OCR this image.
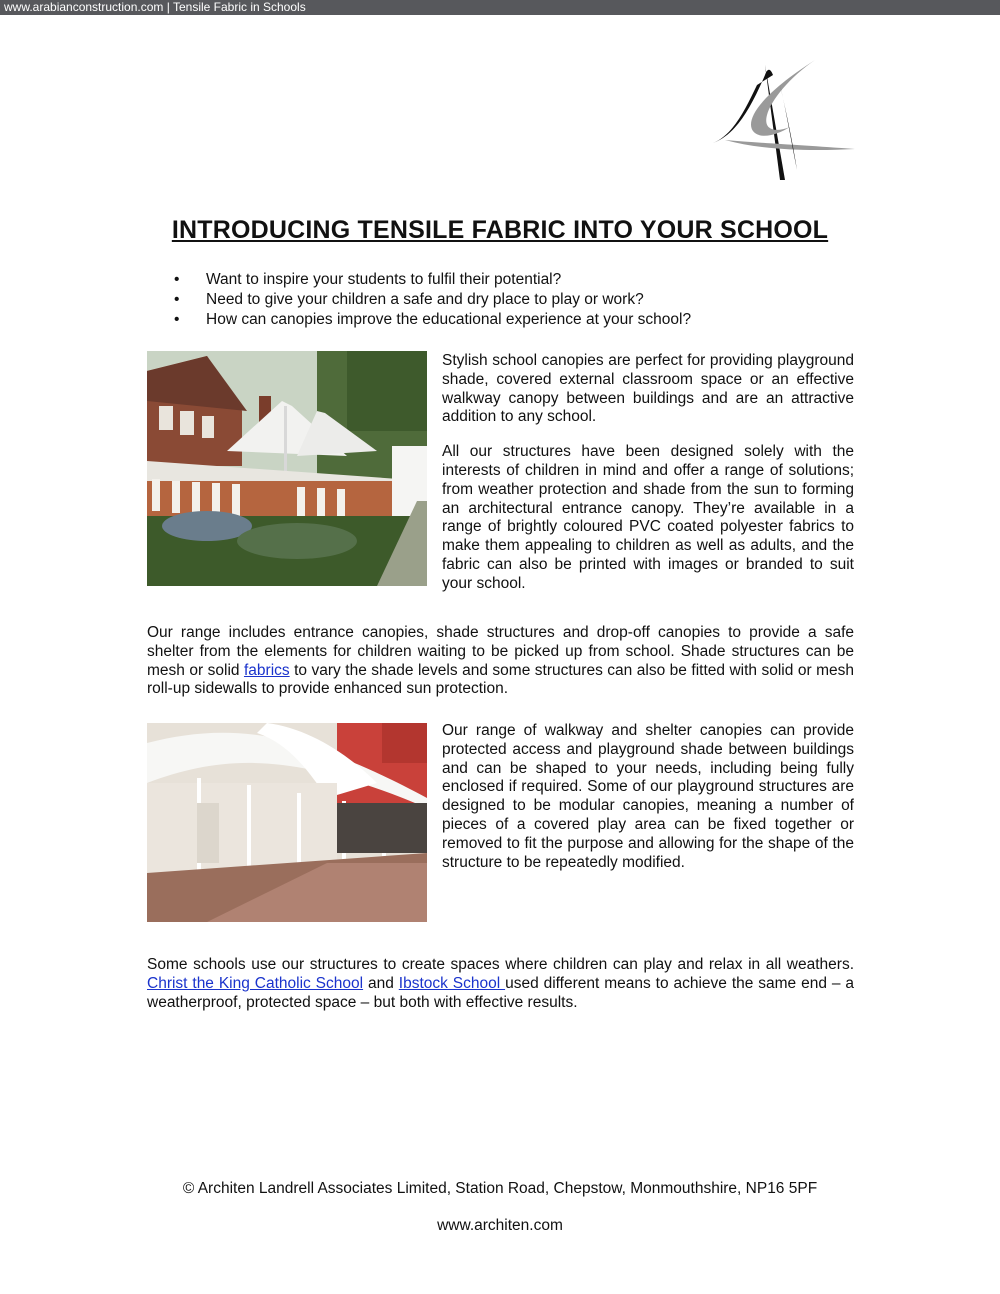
www.arabianconstruction.com | Tensile Fabric in Schools
INTRODUCING TENSILE FABRIC INTO YOUR SCHOOL
• Want to inspire your students to fulfil their potential?
• Need to give your children a safe and dry place to play or work?
• How can canopies improve the educational experience at your school?

Stylish school canopies are perfect for providing playground shade, covered external classroom space or an effective walkway canopy between buildings and are an attractive addition to any school.

All our structures have been designed solely with the interests of children in mind and offer a range of solutions; from weather protection and shade from the sun to forming an architectural entrance canopy. They’re available in a range of brightly coloured PVC coated polyester fabrics to make them appealing to children as well as adults, and the fabric can also be printed with images or branded to suit your school.

Our range includes entrance canopies, shade structures and drop-off canopies to provide a safe shelter from the elements for children waiting to be picked up from school. Shade structures can be mesh or solid fabrics to vary the shade levels and some structures can also be fitted with solid or mesh roll-up sidewalls to provide enhanced sun protection.

Our range of walkway and shelter canopies can provide protected access and playground shade between buildings and can be shaped to your needs, including being fully enclosed if required. Some of our playground structures are designed to be modular canopies, meaning a number of pieces of a covered play area can be fixed together or removed to fit the purpose and allowing for the shape of the structure to be repeatedly modified.

Some schools use our structures to create spaces where children can play and relax in all weathers. Christ the King Catholic School and Ibstock School used different means to achieve the same end – a weatherproof, protected space – but both with effective results.

© Architen Landrell Associates Limited, Station Road, Chepstow, Monmouthshire, NP16 5PF
www.architen.com
